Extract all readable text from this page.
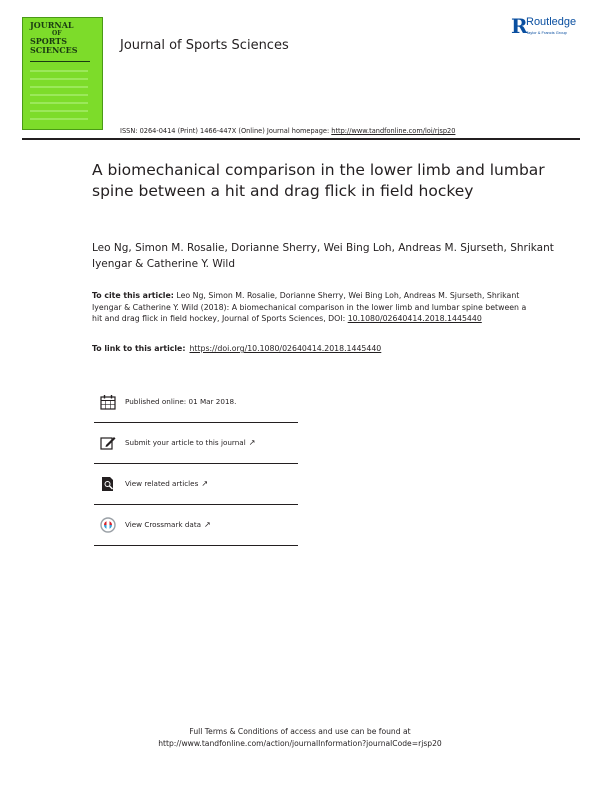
JOURNAL
OF
SPORTS
SCIENCES	Journal of Sports Sciences
R
Routledge
Taylor & Francis Group
ISSN: 0264-0414 (Print) 1466-447X (Online) Journal homepage: http://www.tandfonline.com/loi/rjsp20
A biomechanical comparison in the lower limb and lumbar spine between a hit and drag flick in field hockey
Leo Ng, Simon M. Rosalie, Dorianne Sherry, Wei Bing Loh, Andreas M. Sjurseth, Shrikant Iyengar & Catherine Y. Wild
To cite this article: Leo Ng, Simon M. Rosalie, Dorianne Sherry, Wei Bing Loh, Andreas M. Sjurseth, Shrikant Iyengar & Catherine Y. Wild (2018): A biomechanical comparison in the lower limb and lumbar spine between a hit and drag flick in field hockey, Journal of Sports Sciences, DOI: 10.1080/02640414.2018.1445440
To link to this article: https://doi.org/10.1080/02640414.2018.1445440
Published online: 01 Mar 2018.
Submit your article to this journal ↗
View related articles ↗
View Crossmark data ↗
Full Terms & Conditions of access and use can be found at
http://www.tandfonline.com/action/journalInformation?journalCode=rjsp20
